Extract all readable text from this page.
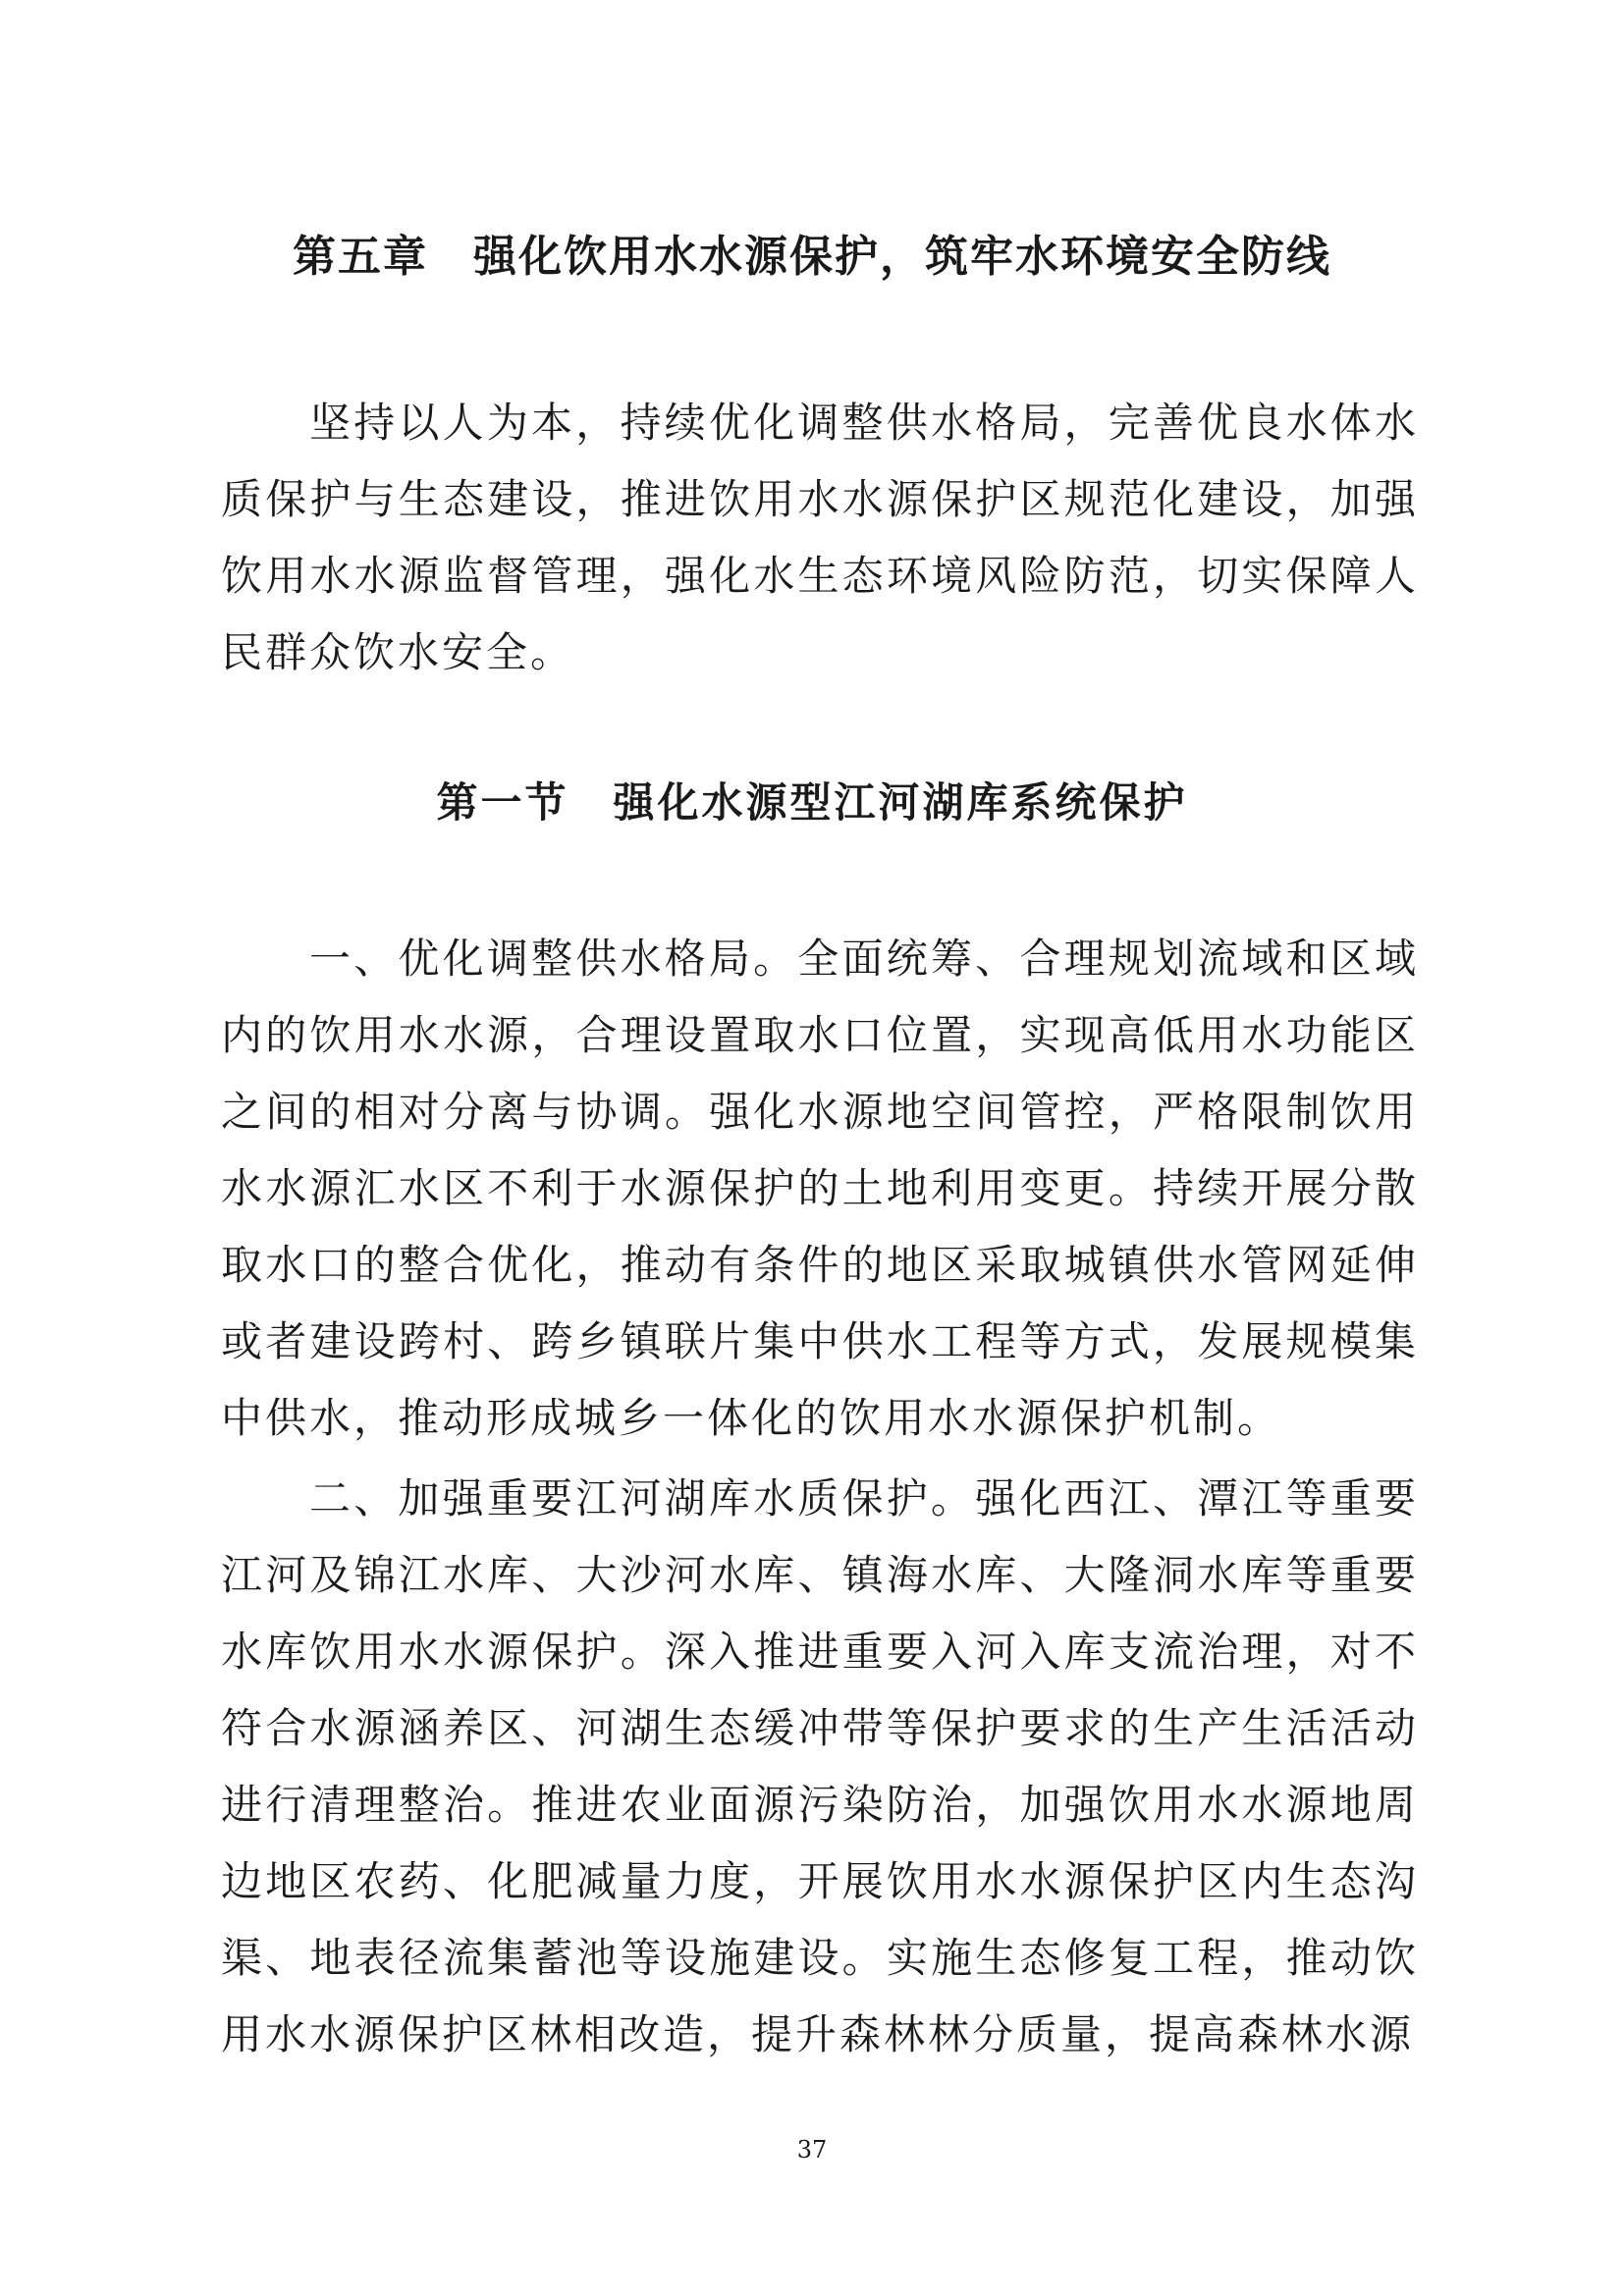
第五章　强化饮用水水源保护，筑牢水环境安全防线

坚持以人为本，持续优化调整供水格局，完善优良水体水质保护与生态建设，推进饮用水水源保护区规范化建设，加强饮用水水源监督管理，强化水生态环境风险防范，切实保障人民群众饮水安全。

第一节　强化水源型江河湖库系统保护

一、优化调整供水格局。全面统筹、合理规划流域和区域内的饮用水水源，合理设置取水口位置，实现高低用水功能区之间的相对分离与协调。强化水源地空间管控，严格限制饮用水水源汇水区不利于水源保护的土地利用变更。持续开展分散取水口的整合优化，推动有条件的地区采取城镇供水管网延伸或者建设跨村、跨乡镇联片集中供水工程等方式，发展规模集中供水，推动形成城乡一体化的饮用水水源保护机制。

二、加强重要江河湖库水质保护。强化西江、潭江等重要江河及锦江水库、大沙河水库、镇海水库、大隆洞水库等重要水库饮用水水源保护。深入推进重要入河入库支流治理，对不符合水源涵养区、河湖生态缓冲带等保护要求的生产生活活动进行清理整治。推进农业面源污染防治，加强饮用水水源地周边地区农药、化肥减量力度，开展饮用水水源保护区内生态沟渠、地表径流集蓄池等设施建设。实施生态修复工程，推动饮用水水源保护区林相改造，提升森林林分质量，提高森林水源

37
